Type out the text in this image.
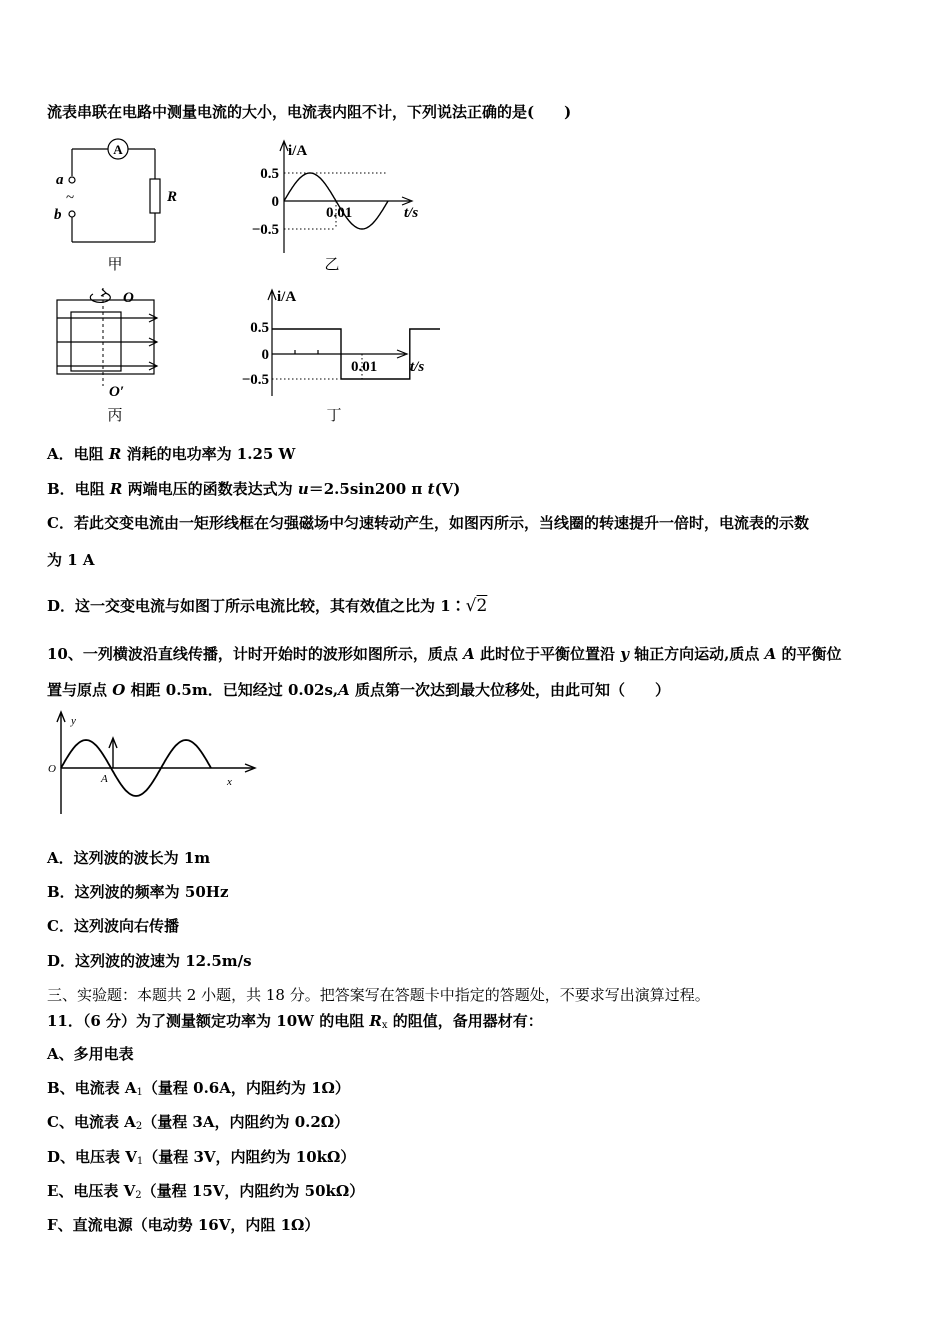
流表串联在电路中测量电流的大小，电流表内阻不计，下列说法正确的是(　　)
A
a
~
b
R
甲
i/A
0.5
0
−0.5
0.01	t/s
乙
O
O′
丙
i/A
0.5
0
−0.5
0.01 t/s
丁
A．电阻 R 消耗的电功率为 1.25 W
B．电阻 R 两端电压的函数表达式为 u＝2.5sin200 π t(V)
C．若此交变电流由一矩形线框在匀强磁场中匀速转动产生，如图丙所示，当线圈的转速提升一倍时，电流表的示数
为 1 A
D．这一交变电流与如图丁所示电流比较，其有效值之比为 1∶√2
10、一列横波沿直线传播，计时开始时的波形如图所示，质点 A 此时位于平衡位置沿 y 轴正方向运动,质点 A 的平衡位
置与原点 O 相距 0.5m．已知经过 0.02s,A 质点第一次达到最大位移处，由此可知（　　）
y
O
A	x
A．这列波的波长为 1m
B．这列波的频率为 50Hz
C．这列波向右传播
D．这列波的波速为 12.5m/s
三、实验题：本题共 2 小题，共 18 分。把答案写在答题卡中指定的答题处，不要求写出演算过程。
11．（6 分）为了测量额定功率为 10W 的电阻 $R_x$ 的阻值，备用器材有：
A、多用电表
B、电流表 $A_1$（量程 0.6A，内阻约为 1Ω）
C、电流表 $A_2$（量程 3A，内阻约为 0.2Ω）
D、电压表 $V_1$（量程 3V，内阻约为 10kΩ）
E、电压表 $V_2$（量程 15V，内阻约为 50kΩ）
F、直流电源（电动势 16V，内阻 1Ω）
